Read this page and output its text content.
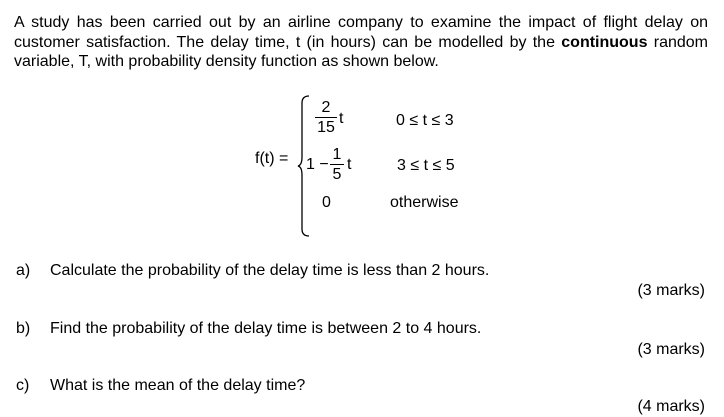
A study has been carried out by an airline company to examine the impact of flight delay on customer satisfaction. The delay time, t (in hours) can be modelled by the continuous random variable, T, with probability density function as shown below.

f(t) =
2
15
t	0 ≤ t ≤ 3
1 −
1
5
t	3 ≤ t ≤ 5
0	otherwise
a) Calculate the probability of the delay time is less than 2 hours.
(3 marks)
b) Find the probability of the delay time is between 2 to 4 hours.
(3 marks)
c) What is the mean of the delay time?
(4 marks)
